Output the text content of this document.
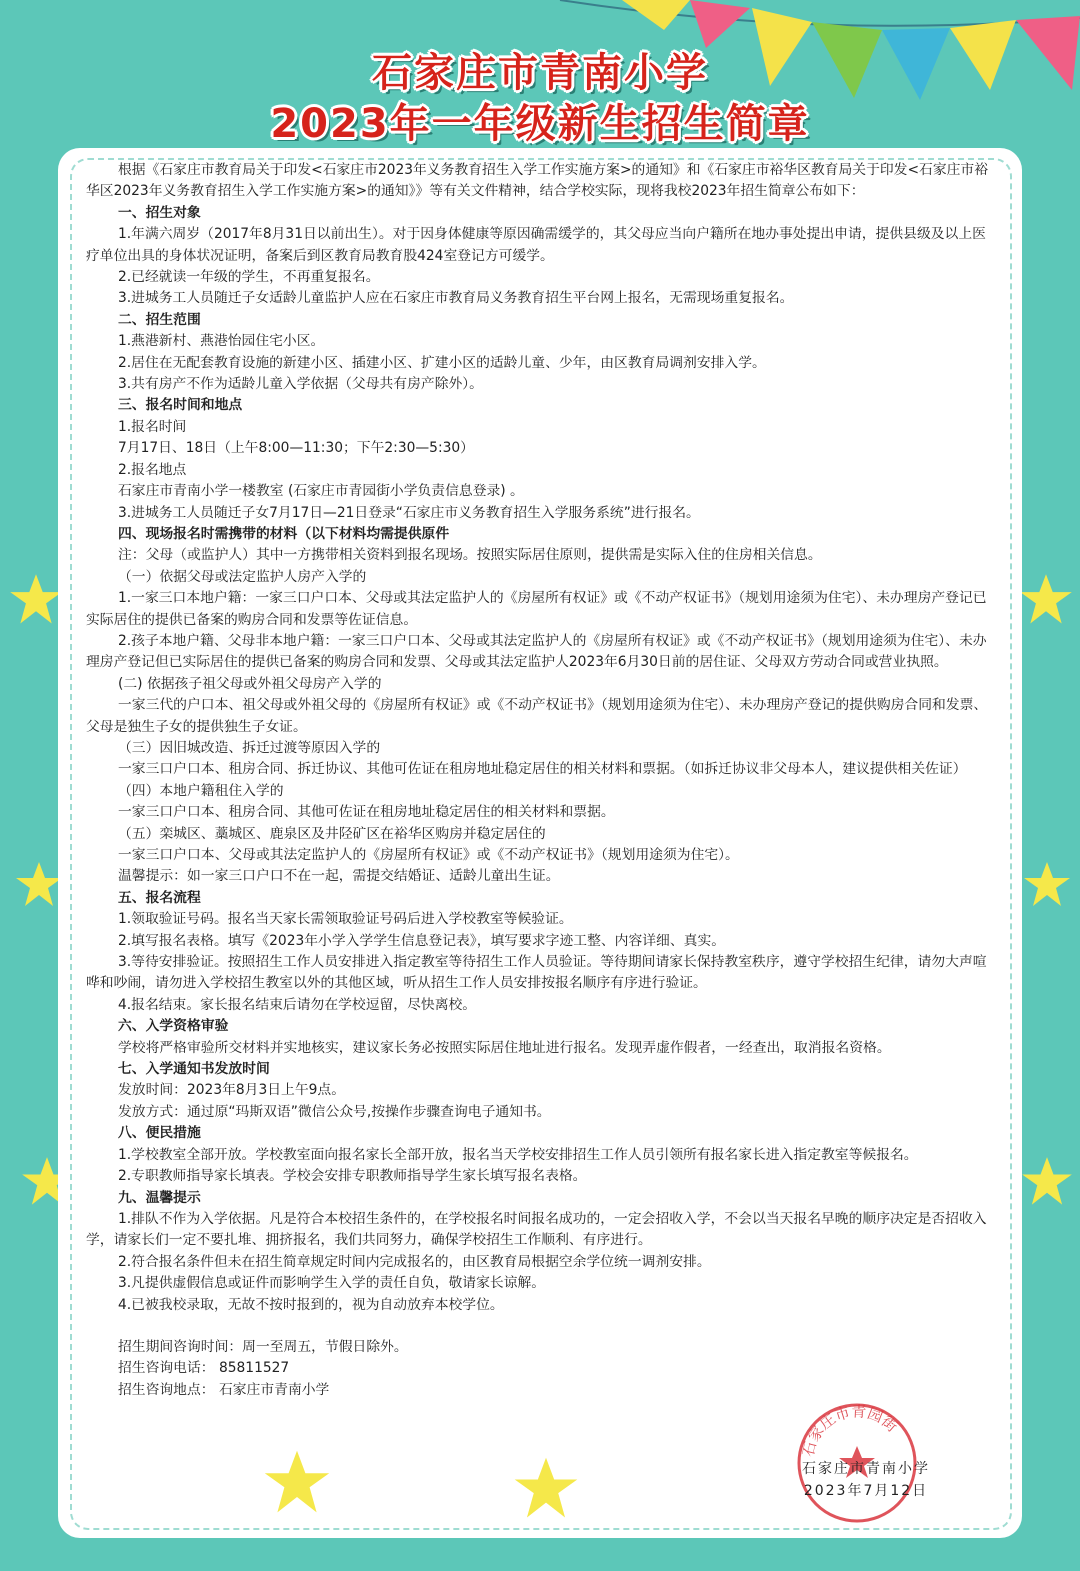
石家庄市青南小学
2023年一年级新生招生简章

根据《石家庄市教育局关于印发<石家庄市2023年义务教育招生入学工作实施方案>的通知》和《石家庄市裕华区教育局关于印发<石家庄市裕华区2023年义务教育招生入学工作实施方案>的通知》》等有关文件精神，结合学校实际，现将我校2023年招生简章公布如下：

一、招生对象

1.年满六周岁（2017年8月31日以前出生）。对于因身体健康等原因确需缓学的，其父母应当向户籍所在地办事处提出申请，提供县级及以上医疗单位出具的身体状况证明，备案后到区教育局教育股424室登记方可缓学。

2.已经就读一年级的学生，不再重复报名。

3.进城务工人员随迁子女适龄儿童监护人应在石家庄市教育局义务教育招生平台网上报名，无需现场重复报名。

二、招生范围

1.燕港新村、燕港怡园住宅小区。

2.居住在无配套教育设施的新建小区、插建小区、扩建小区的适龄儿童、少年，由区教育局调剂安排入学。

3.共有房产不作为适龄儿童入学依据（父母共有房产除外）。

三、报名时间和地点

1.报名时间

7月17日、18日（上午8:00—11:30；下午2:30—5:30）

2.报名地点

石家庄市青南小学一楼教室 (石家庄市青园街小学负责信息登录) 。

3.进城务工人员随迁子女7月17日—21日登录“石家庄市义务教育招生入学服务系统”进行报名。

四、现场报名时需携带的材料（以下材料均需提供原件

注：父母（或监护人）其中一方携带相关资料到报名现场。按照实际居住原则，提供需是实际入住的住房相关信息。

（一）依据父母或法定监护人房产入学的

1.一家三口本地户籍：一家三口户口本、父母或其法定监护人的《房屋所有权证》或《不动产权证书》（规划用途须为住宅）、未办理房产登记已实际居住的提供已备案的购房合同和发票等佐证信息。

2.孩子本地户籍、父母非本地户籍：一家三口户口本、父母或其法定监护人的《房屋所有权证》或《不动产权证书》（规划用途须为住宅）、未办理房产登记但已实际居住的提供已备案的购房合同和发票、父母或其法定监护人2023年6月30日前的居住证、父母双方劳动合同或营业执照。

(二) 依据孩子祖父母或外祖父母房产入学的

一家三代的户口本、祖父母或外祖父母的《房屋所有权证》或《不动产权证书》（规划用途须为住宅）、未办理房产登记的提供购房合同和发票、父母是独生子女的提供独生子女证。

（三）因旧城改造、拆迁过渡等原因入学的

一家三口户口本、租房合同、拆迁协议、其他可佐证在租房地址稳定居住的相关材料和票据。（如拆迁协议非父母本人，建议提供相关佐证）

（四）本地户籍租住入学的

一家三口户口本、租房合同、其他可佐证在租房地址稳定居住的相关材料和票据。

（五）栾城区、藁城区、鹿泉区及井陉矿区在裕华区购房并稳定居住的

一家三口户口本、父母或其法定监护人的《房屋所有权证》或《不动产权证书》（规划用途须为住宅）。

温馨提示：如一家三口户口不在一起，需提交结婚证、适龄儿童出生证。

五、报名流程

1.领取验证号码。报名当天家长需领取验证号码后进入学校教室等候验证。

2.填写报名表格。填写《2023年小学入学学生信息登记表》，填写要求字迹工整、内容详细、真实。

3.等待安排验证。按照招生工作人员安排进入指定教室等待招生工作人员验证。等待期间请家长保持教室秩序，遵守学校招生纪律，请勿大声喧哗和吵闹，请勿进入学校招生教室以外的其他区域，听从招生工作人员安排按报名顺序有序进行验证。

4.报名结束。家长报名结束后请勿在学校逗留，尽快离校。

六、入学资格审验

学校将严格审验所交材料并实地核实，建议家长务必按照实际居住地址进行报名。发现弄虚作假者，一经查出，取消报名资格。

七、入学通知书发放时间

发放时间：2023年8月3日上午9点。

发放方式：通过原“玛斯双语”微信公众号,按操作步骤查询电子通知书。

八、便民措施

1.学校教室全部开放。学校教室面向报名家长全部开放，报名当天学校安排招生工作人员引领所有报名家长进入指定教室等候报名。

2.专职教师指导家长填表。学校会安排专职教师指导学生家长填写报名表格。

九、温馨提示

1.排队不作为入学依据。凡是符合本校招生条件的，在学校报名时间报名成功的，一定会招收入学，不会以当天报名早晚的顺序决定是否招收入学，请家长们一定不要扎堆、拥挤报名，我们共同努力，确保学校招生工作顺利、有序进行。

2.符合报名条件但未在招生简章规定时间内完成报名的，由区教育局根据空余学位统一调剂安排。

3.凡提供虚假信息或证件而影响学生入学的责任自负，敬请家长谅解。

4.已被我校录取，无故不按时报到的，视为自动放弃本校学位。

招生期间咨询时间：周一至周五，节假日除外。

招生咨询电话： 85811527

招生咨询地点： 石家庄市青南小学

石家庄市青园街
石家庄市青南小学
2023年7月12日
